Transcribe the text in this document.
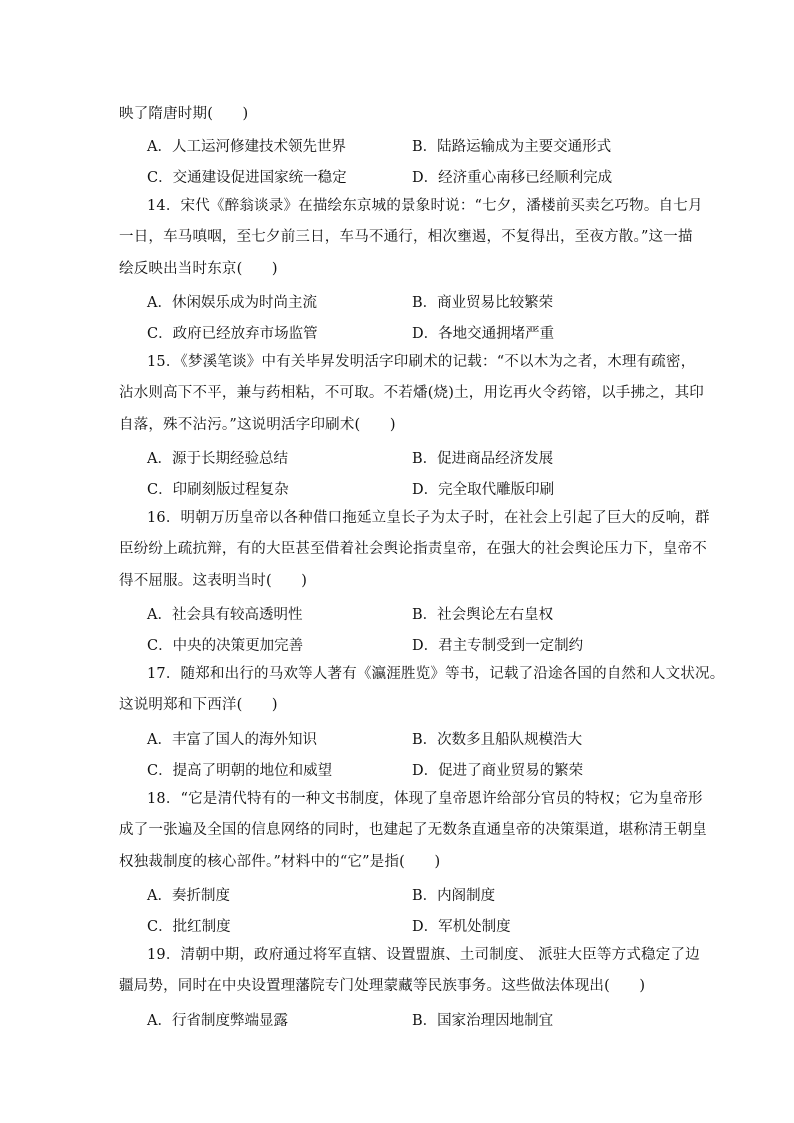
映了隋唐时期(　　)
A．人工运河修建技术领先世界	B．陆路运输成为主要交通形式
C．交通建设促进国家统一稳定	D．经济重心南移已经顺利完成
14．宋代《醉翁谈录》在描绘东京城的景象时说：“七夕，潘楼前买卖乞巧物。自七月
一日，车马嗔咽，至七夕前三日，车马不通行，相次壅遏，不复得出，至夜方散。”这一描
绘反映出当时东京(　　)
A．休闲娱乐成为时尚主流	B．商业贸易比较繁荣
C．政府已经放弃市场监管	D．各地交通拥堵严重
15．《梦溪笔谈》中有关毕昇发明活字印刷术的记载：“不以木为之者，木理有疏密，
沾水则高下不平，兼与药相粘，不可取。不若燔(烧)土，用讫再火令药镕，以手拂之，其印
自落，殊不沾污。”这说明活字印刷术(　　)
A．源于长期经验总结	B．促进商品经济发展
C．印刷刻版过程复杂	D．完全取代雕版印刷
16．明朝万历皇帝以各种借口拖延立皇长子为太子时，在社会上引起了巨大的反响，群
臣纷纷上疏抗辩，有的大臣甚至借着社会舆论指责皇帝，在强大的社会舆论压力下，皇帝不
得不屈服。这表明当时(　　)
A．社会具有较高透明性	B．社会舆论左右皇权
C．中央的决策更加完善	D．君主专制受到一定制约
17．随郑和出行的马欢等人著有《瀛涯胜览》等书，记载了沿途各国的自然和人文状况。
这说明郑和下西洋(　　)
A．丰富了国人的海外知识	B．次数多且船队规模浩大
C．提高了明朝的地位和威望	D．促进了商业贸易的繁荣
18．“它是清代特有的一种文书制度，体现了皇帝恩许给部分官员的特权；它为皇帝形
成了一张遍及全国的信息网络的同时，也建起了无数条直通皇帝的决策渠道，堪称清王朝皇
权独裁制度的核心部件。”材料中的“它”是指(　　)
A．奏折制度	B．内阁制度
C．批红制度	D．军机处制度
19．清朝中期，政府通过将军直辖、设置盟旗、土司制度、 派驻大臣等方式稳定了边
疆局势，同时在中央设置理藩院专门处理蒙藏等民族事务。这些做法体现出(　　)
A．行省制度弊端显露	B．国家治理因地制宜
